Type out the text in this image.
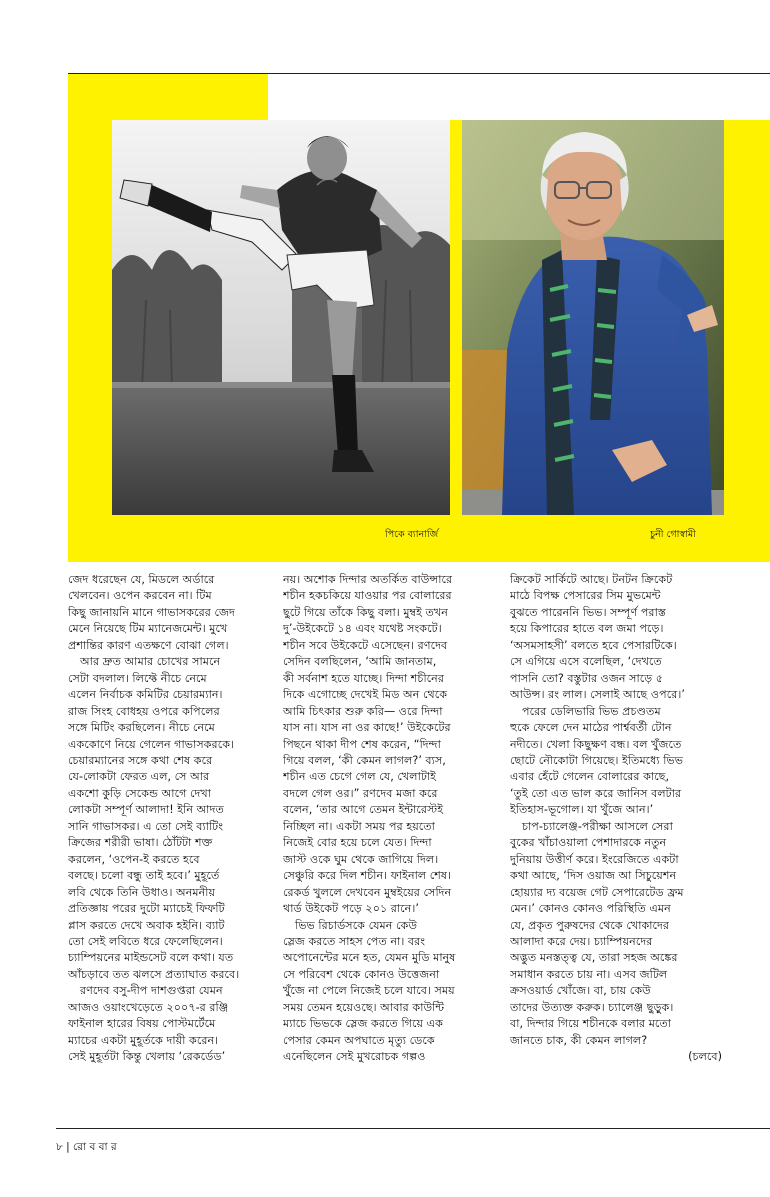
পিকে ব্যানার্জি	চুনী গোস্বামী

জেদ ধরেছেন যে, মিডলে অর্ডারে
খেলবেন। ওপেন করবেন না। টিম
কিছু জানায়নি মানে গাভাসকরের জেদ
মেনে নিয়েছে টিম ম্যানেজমেন্ট। মুখে
প্রশান্তির কারণ এতক্ষণে বোঝা গেল।

আর দ্রুত আমার চোখের সামনে
সেটা বদলাল। লিফ্টে নীচে নেমে
এলেন নির্বাচক কমিটির চেয়ারম্যান।
রাজ সিংহ বোধহয় ওপরে কপিলের
সঙ্গে মিটিং করছিলেন। নীচে নেমে
এককোণে নিয়ে গেলেন গাভাসকরকে।
চেয়ারম্যানের সঙ্গে কথা শেষ করে
যে-লোকটা ফেরত এল, সে আর
একশো কুড়ি সেকেন্ড আগে দেখা
লোকটা সম্পূর্ণ আলাদা! ইনি আদত
সানি গাভাসকর। এ তো সেই ব্যাটিং
ক্রিজের শরীরী ভাষা। ঠোঁটটা শক্ত
করলেন, ‘ওপেন-ই করতে হবে
বলছে। চলো বন্ধু তাই হবে।’ মুহূর্তে
লবি থেকে তিনি উধাও। অনমনীয়
প্রতিজ্ঞায় পরের দুটো ম্যাচেই ফিফটি
প্লাস করতে দেখে অবাক হইনি। ব্যাট
তো সেই লবিতে ধরে ফেলেছিলেন।
চ্যাম্পিয়নের মাইন্ডসেট বলে কথা। যত
আঁচড়াবে তত ঝলসে প্রত্যাঘাত করবে।

রণদেব বসু-দীপ দাশগুপ্তরা যেমন
আজও ওয়াংখেড়েতে ২০০৭-র রঞ্জি
ফাইনাল হারের বিষয় পোস্টমর্টেমে
ম্যাচের একটা মুহূর্তকে দায়ী করেন।
সেই মুহূর্তটা কিন্তু খেলায় ‘রেকর্ডেড’

নয়। অশোক দিন্দার অতর্কিত বাউন্সারে
শচীন হকচকিয়ে যাওয়ার পর বোলারের
ছুটে গিয়ে তাঁকে কিছু বলা। মুম্বই তখন
দু’-উইকেটে ১৪ এবং যথেষ্ট সংকটে।
শচীন সবে উইকেটে এসেছেন। রণদেব
সেদিন বলছিলেন, ‘আমি জানতাম,
কী সর্বনাশ হতে যাচ্ছে। দিন্দা শচীনের
দিকে এগোচ্ছে দেখেই মিড অন থেকে
আমি চিৎকার শুরু করি— ওরে দিন্দা
যাস না। যাস না ওর কাছে!’ উইকেটের
পিছনে থাকা দীপ শেষ করেন, “দিন্দা
গিয়ে বলল, ‘কী কেমন লাগল?’ ব্যস,
শচীন এত চেগে গেল যে, খেলাটাই
বদলে গেল ওর।” রণদেব মজা করে
বলেন, ‘তার আগে তেমন ইন্টারেস্টই
নিচ্ছিল না। একটা সময় পর হয়তো
নিজেই বোর হয়ে চলে যেত। দিন্দা
জাস্ট ওকে ঘুম থেকে জাগিয়ে দিল।
সেঞ্চুরি করে দিল শচীন। ফাইনাল শেষ।
রেকর্ড খুললে দেখবেন মুম্বইয়ের সেদিন
থার্ড উইকেট পড়ে ২০১ রানে।’

ভিভ রিচার্ডসকে যেমন কেউ
স্লেজ করতে সাহস পেত না। বরং
অপোনেন্টের মনে হত, যেমন মুডি মানুষ
সে পরিবেশ থেকে কোনও উত্তেজনা
খুঁজে না পেলে নিজেই চলে যাবে। সময়
সময় তেমন হয়েওছে। আবার কাউন্টি
ম্যাচে ভিভকে স্লেজ করতে গিয়ে এক
পেসার কেমন অপঘাতে মৃত্যু ডেকে
এনেছিলেন সেই মুখরোচক গল্পও

ক্রিকেট সার্কিটে আছে। টনটন ক্রিকেট
মাঠে বিপক্ষ পেসারের সিম মুভমেন্ট
বুঝতে পারেননি ভিভ। সম্পূর্ণ পরাস্ত
হয়ে কিপারের হাতে বল জমা পড়ে।
‘অসমসাহসী’ বলতে হবে পেসারটিকে।
সে এগিয়ে এসে বলেছিল, ‘দেখতে
পাসনি তো? বস্তুটার ওজন সাড়ে ৫
আউন্স। রং লাল। সেলাই আছে ওপরে।’

পরের ডেলিভারি ভিভ প্রচণ্ডতম
হুকে ফেলে দেন মাঠের পার্শ্ববর্তী টোন
নদীতে। খেলা কিছুক্ষণ বন্ধ। বল খুঁজতে
ছোটে নৌকোটা গিয়েছে। ইতিমধ্যে ভিভ
এবার হেঁটে গেলেন বোলারের কাছে,
‘তুই তো এত ভাল করে জানিস বলটার
ইতিহাস-ভূগোল। যা খুঁজে আন।’

চাপ-চ্যালেঞ্জ-পরীক্ষা আসলে সেরা
বুকের খাঁচাওয়ালা পেশাদারকে নতুন
দুনিয়ায় উত্তীর্ণ করে। ইংরেজিতে একটা
কথা আছে, ‘দিস ওয়াজ আ সিচুয়েশন
হোয়্যার দ্য বয়েজ গেট সেপারেটেড ফ্রম
মেন।’ কোনও কোনও পরিস্থিতি এমন
যে, প্রকৃত পুরুষদের থেকে খোকাদের
আলাদা করে দেয়। চ্যাম্পিয়নদের
অদ্ভুত মনস্তত্ত্ব যে, তারা সহজ অঙ্কের
সমাধান করতে চায় না। এসব জটিল
ক্রসওয়ার্ড খোঁজে। বা, চায় কেউ
তাদের উত্যক্ত করুক। চ্যালেঞ্জ ছুড়ুক।
বা, দিন্দার গিয়ে শচীনকে বলার মতো
জানতে চাক, কী কেমন লাগল?

(চলবে)

৮ | রো ব বা র
